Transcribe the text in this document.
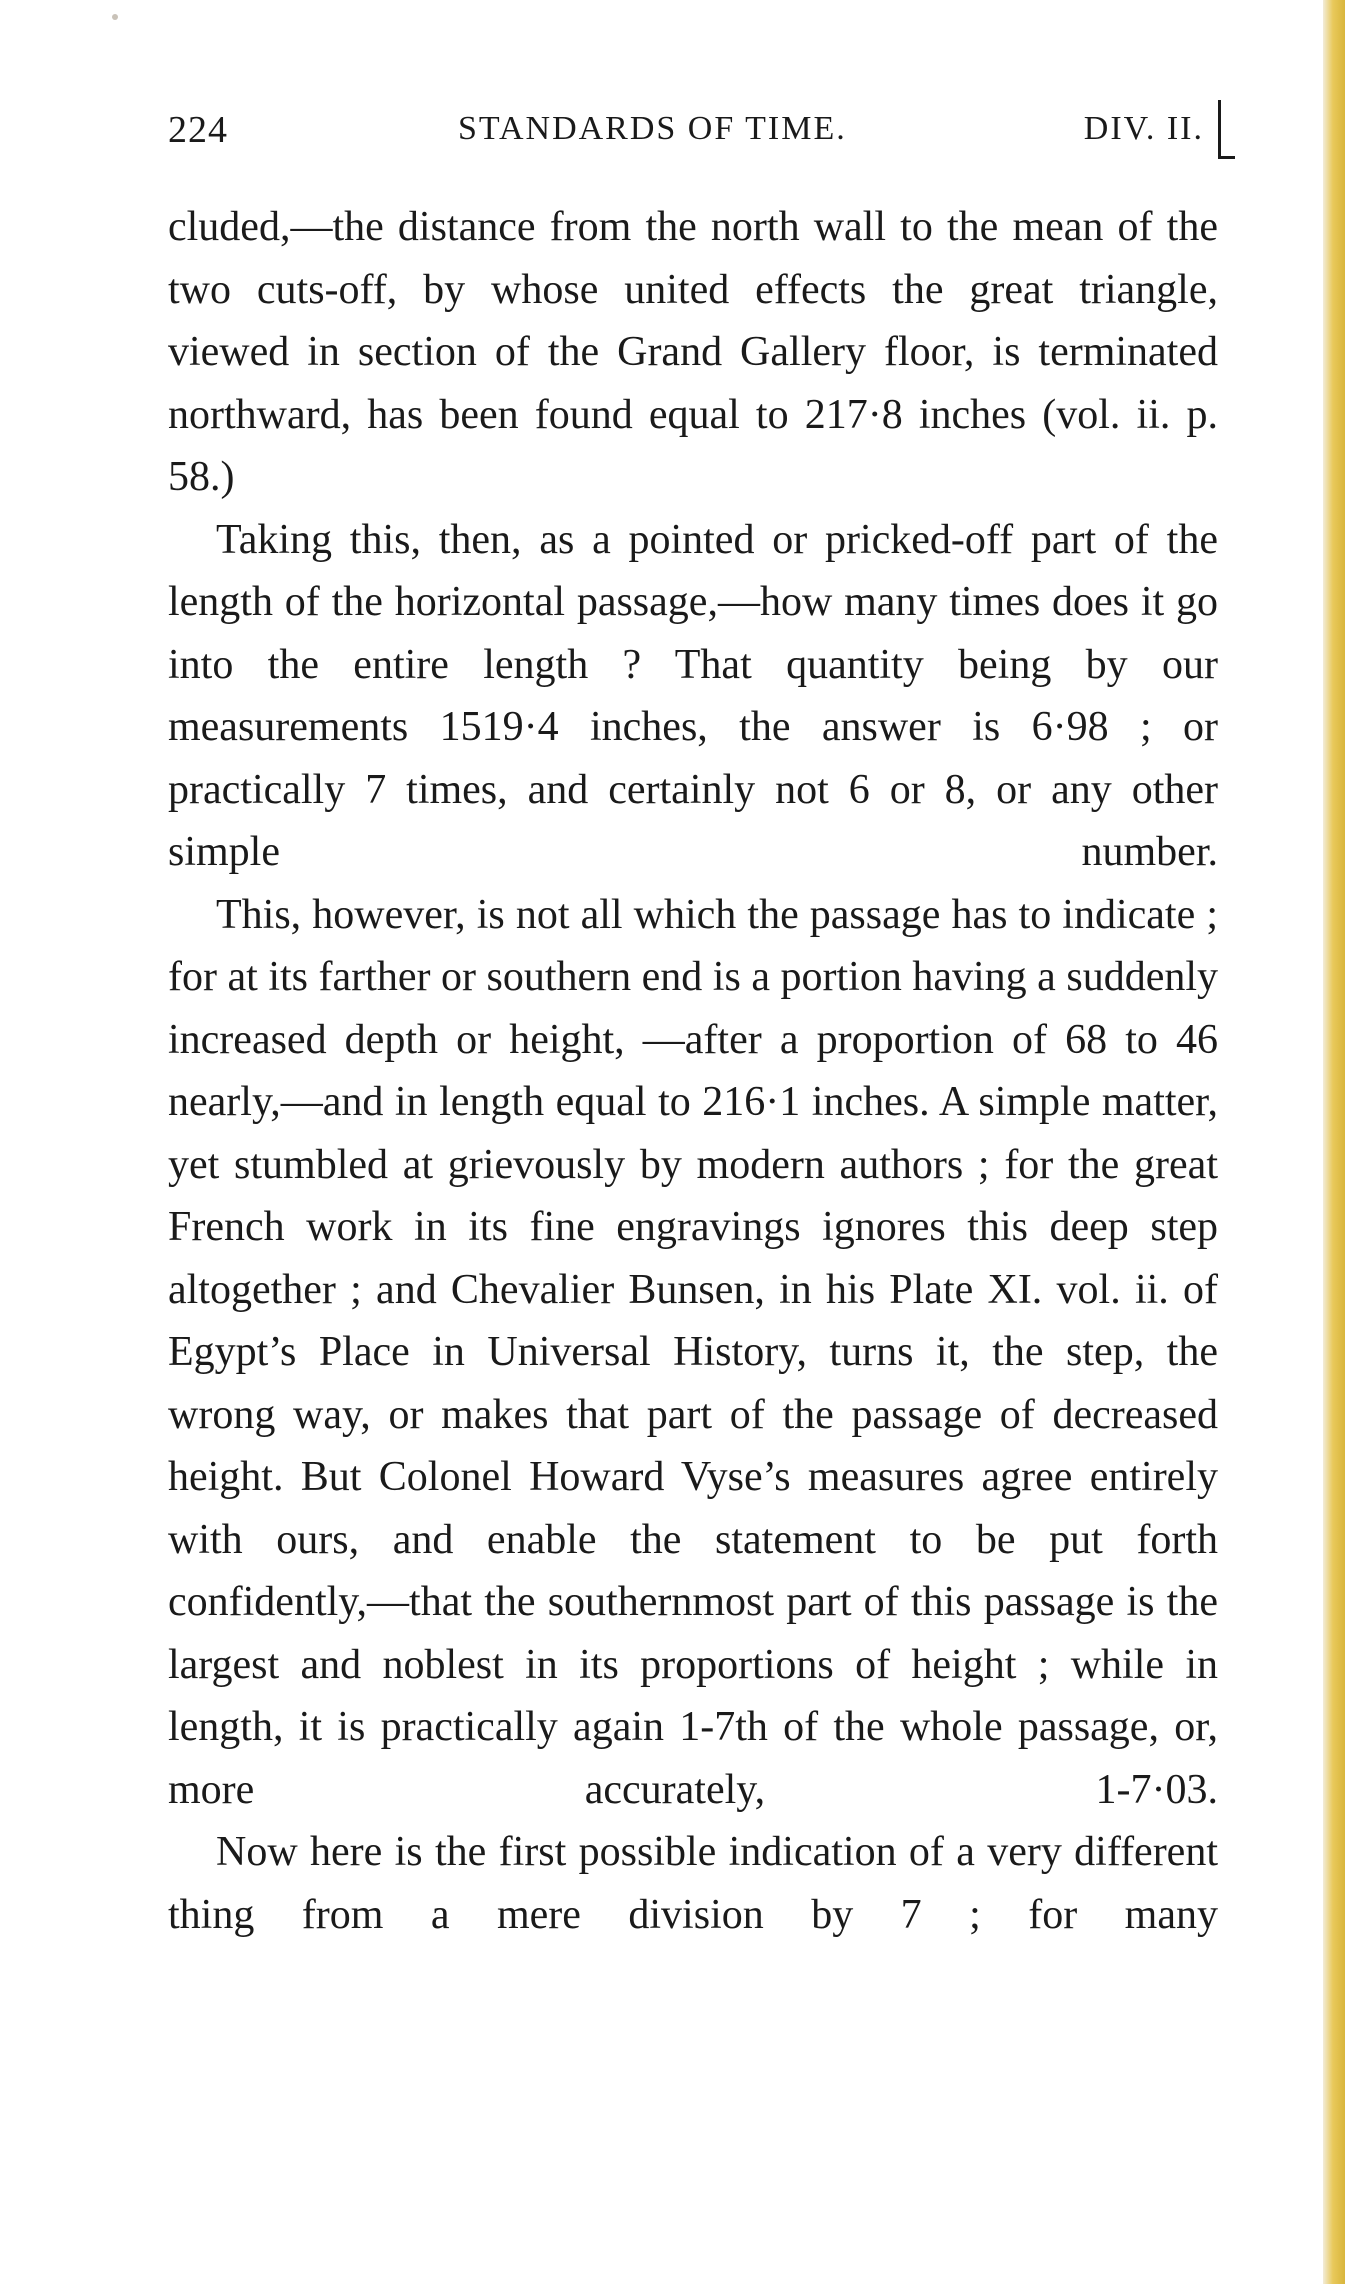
224	STANDARDS OF TIME.	DIV. II.

cluded,—the distance from the north wall to the mean of the two cuts-off, by whose united effects the great triangle, viewed in section of the Grand Gallery floor, is terminated northward, has been found equal to 217·8 inches (vol. ii. p. 58.)

Taking this, then, as a pointed or pricked-off part of the length of the horizontal passage,—how many times does it go into the entire length ? That quantity being by our measurements 1519·4 inches, the answer is 6·98 ; or practically 7 times, and certainly not 6 or 8, or any other simple number.

This, however, is not all which the passage has to indicate ; for at its farther or southern end is a portion having a suddenly increased depth or height, —after a proportion of 68 to 46 nearly,—and in length equal to 216·1 inches. A simple matter, yet stumbled at grievously by modern authors ; for the great French work in its fine engravings ignores this deep step altogether ; and Chevalier Bunsen, in his Plate XI. vol. ii. of Egypt’s Place in Universal History, turns it, the step, the wrong way, or makes that part of the passage of decreased height. But Colonel Howard Vyse’s measures agree entirely with ours, and enable the statement to be put forth confidently,—that the southernmost part of this passage is the largest and noblest in its proportions of height ; while in length, it is practically again 1-7th of the whole passage, or, more accurately, 1-7·03.

Now here is the first possible indication of a very different thing from a mere division by 7 ; for many
